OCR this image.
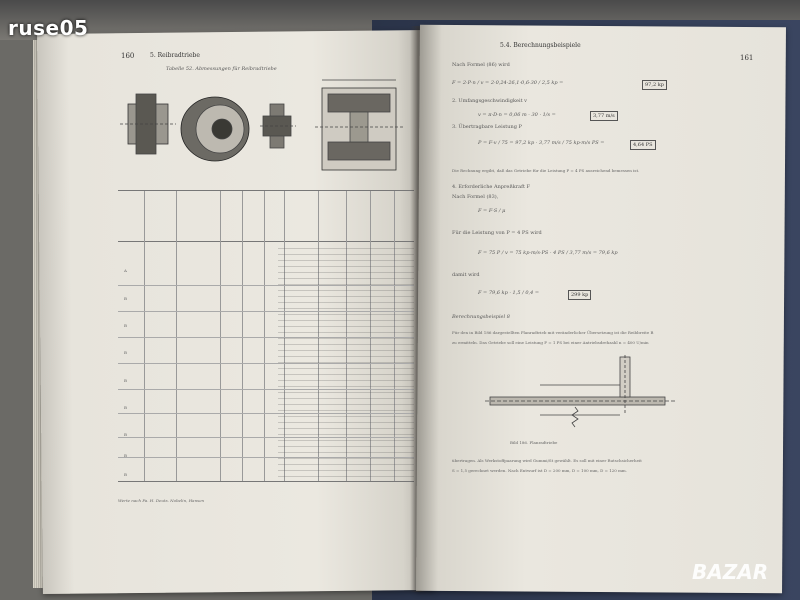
160	5. Reibradtriebe
Tabelle 52. Abmessungen für Reibradtriebe
A
B
B
B
B
B
B
B
B
Werte nach Fa. H. Deuts. Nobelin, Hansen
5.4. Berechnungsbeispiele
161
Nach Formel (86) wird
F = 2·P·n / v = 2·0,24·26,1·0,6·30 / 2,5 kp =	97,2 kp
2. Umfangsgeschwindigkeit v
v = π·D·n = 0,06 m · 30 · 1/s =	3,77 m/s
3. Übertragbare Leistung P
P = F·v / 75 = 97,2 kp · 3,77 m/s / 75 kp·m/s PS =	4,64 PS
Die Rechnung ergibt, daß das Getriebe für die Leistung P = 4 PS ausreichend bemessen ist.
4. Erforderliche Anpreßkraft F
Nach Formel (83),
F = F·S / μ
Für die Leistung von P = 4 PS wird
F = 75 P / v = 75 kp·m/s·PS · 4 PS / 3,77 m/s = 79,6 kp
damit wird
F = 79,6 kp · 1,5 / 0,4 =	299 kp
Berechnungsbeispiel 8
Für den in Bild 186 dargestellten Planradtrieb mit veränderlicher Übersetzung ist die Reibbreite B
zu ermitteln. Das Getriebe soll eine Leistung P = 1 PS bei einer Antriebsdrehzahl n = 400 U/min
Bild 186. Planradtriebe
übertragen. Als Werkstoffpaarung wird Gummi/St gewählt. Es soll mit einer Rutschsicherheit
S = 1,5 gerechnet werden. Nach Entwurf ist D = 200 mm, D = 100 mm, D = 120 mm.
ruse05
BAZAR
